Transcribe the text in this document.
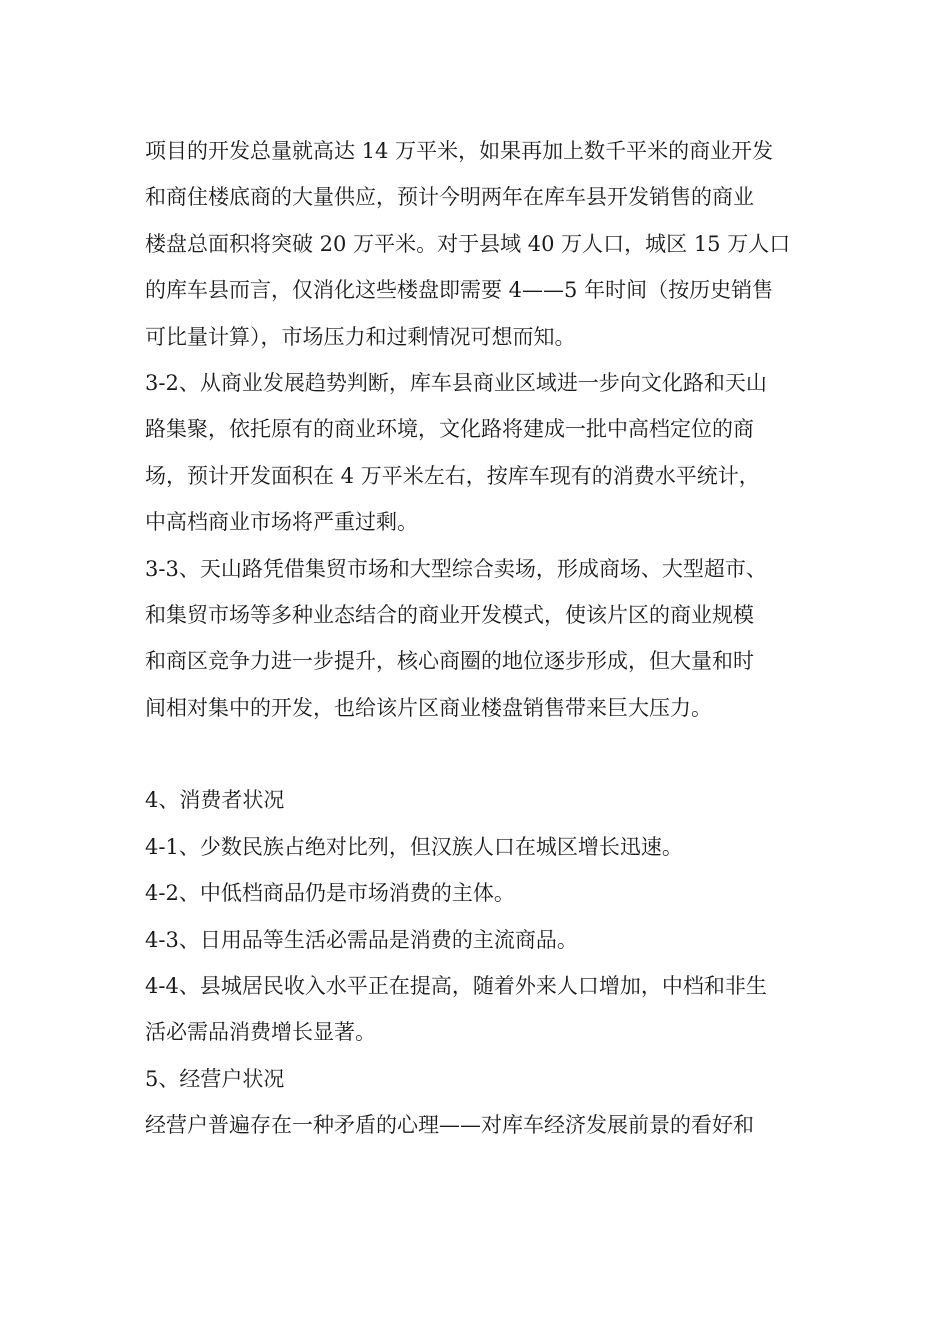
项目的开发总量就高达 14 万平米，如果再加上数千平米的商业开发
和商住楼底商的大量供应，预计今明两年在库车县开发销售的商业
楼盘总面积将突破 20 万平米。对于县域 40 万人口，城区 15 万人口
的库车县而言，仅消化这些楼盘即需要 4——5 年时间（按历史销售
可比量计算），市场压力和过剩情况可想而知。
3-2、从商业发展趋势判断，库车县商业区域进一步向文化路和天山
路集聚，依托原有的商业环境，文化路将建成一批中高档定位的商
场，预计开发面积在 4 万平米左右，按库车现有的消费水平统计，
中高档商业市场将严重过剩。
3-3、天山路凭借集贸市场和大型综合卖场，形成商场、大型超市、
和集贸市场等多种业态结合的商业开发模式，使该片区的商业规模
和商区竞争力进一步提升，核心商圈的地位逐步形成，但大量和时
间相对集中的开发，也给该片区商业楼盘销售带来巨大压力。
4、消费者状况
4-1、少数民族占绝对比列，但汉族人口在城区增长迅速。
4-2、中低档商品仍是市场消费的主体。
4-3、日用品等生活必需品是消费的主流商品。
4-4、县城居民收入水平正在提高，随着外来人口增加，中档和非生
活必需品消费增长显著。
5、经营户状况
经营户普遍存在一种矛盾的心理——对库车经济发展前景的看好和
